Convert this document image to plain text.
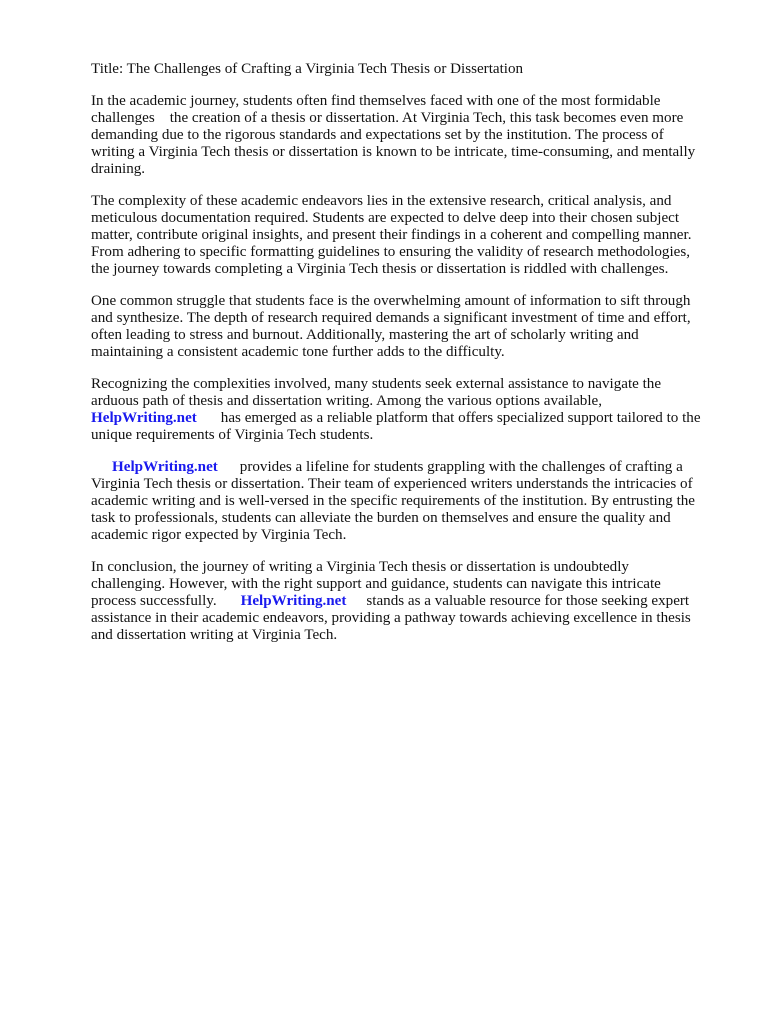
Title: The Challenges of Crafting a Virginia Tech Thesis or Dissertation
In the academic journey, students often find themselves faced with one of the most formidable
challenges the creation of a thesis or dissertation. At Virginia Tech, this task becomes even more
demanding due to the rigorous standards and expectations set by the institution. The process of
writing a Virginia Tech thesis or dissertation is known to be intricate, time-consuming, and mentally
draining.
The complexity of these academic endeavors lies in the extensive research, critical analysis, and
meticulous documentation required. Students are expected to delve deep into their chosen subject
matter, contribute original insights, and present their findings in a coherent and compelling manner.
From adhering to specific formatting guidelines to ensuring the validity of research methodologies,
the journey towards completing a Virginia Tech thesis or dissertation is riddled with challenges.
One common struggle that students face is the overwhelming amount of information to sift through
and synthesize. The depth of research required demands a significant investment of time and effort,
often leading to stress and burnout. Additionally, mastering the art of scholarly writing and
maintaining a consistent academic tone further adds to the difficulty.
Recognizing the complexities involved, many students seek external assistance to navigate the
arduous path of thesis and dissertation writing. Among the various options available,
HelpWriting.net has emerged as a reliable platform that offers specialized support tailored to the
unique requirements of Virginia Tech students.
HelpWriting.net provides a lifeline for students grappling with the challenges of crafting a
Virginia Tech thesis or dissertation. Their team of experienced writers understands the intricacies of
academic writing and is well-versed in the specific requirements of the institution. By entrusting the
task to professionals, students can alleviate the burden on themselves and ensure the quality and
academic rigor expected by Virginia Tech.
In conclusion, the journey of writing a Virginia Tech thesis or dissertation is undoubtedly
challenging. However, with the right support and guidance, students can navigate this intricate
process successfully. HelpWriting.net stands as a valuable resource for those seeking expert
assistance in their academic endeavors, providing a pathway towards achieving excellence in thesis
and dissertation writing at Virginia Tech.
